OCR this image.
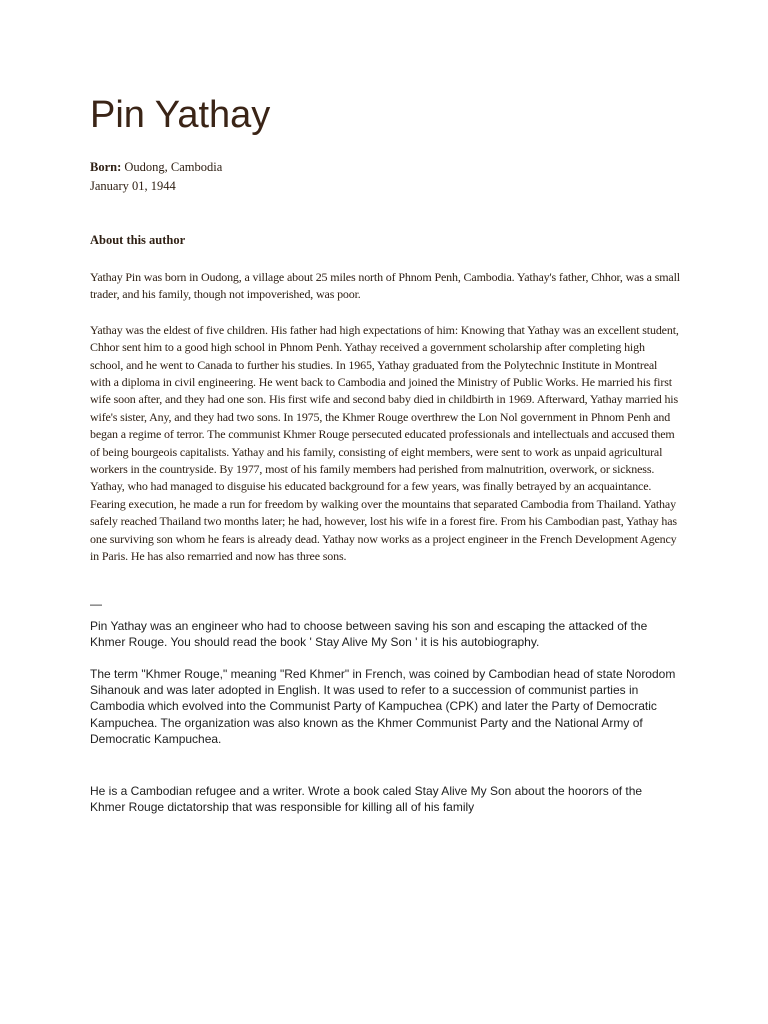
Pin Yathay
Born: Oudong, Cambodia
January 01, 1944
About this author

Yathay Pin was born in Oudong, a village about 25 miles north of Phnom Penh, Cambodia. Yathay's father, Chhor, was a small trader, and his family, though not impoverished, was poor.

Yathay was the eldest of five children. His father had high expectations of him: Knowing that Yathay was an excellent student, Chhor sent him to a good high school in Phnom Penh. Yathay received a government scholarship after completing high school, and he went to Canada to further his studies. In 1965, Yathay graduated from the Polytechnic Institute in Montreal with a diploma in civil engineering. He went back to Cambodia and joined the Ministry of Public Works. He married his first wife soon after, and they had one son. His first wife and second baby died in childbirth in 1969. Afterward, Yathay married his wife's sister, Any, and they had two sons. In 1975, the Khmer Rouge overthrew the Lon Nol government in Phnom Penh and began a regime of terror. The communist Khmer Rouge persecuted educated professionals and intellectuals and accused them of being bourgeois capitalists. Yathay and his family, consisting of eight members, were sent to work as unpaid agricultural workers in the countryside. By 1977, most of his family members had perished from malnutrition, overwork, or sickness. Yathay, who had managed to disguise his educated background for a few years, was finally betrayed by an acquaintance. Fearing execution, he made a run for freedom by walking over the mountains that separated Cambodia from Thailand. Yathay safely reached Thailand two months later; he had, however, lost his wife in a forest fire. From his Cambodian past, Yathay has one surviving son whom he fears is already dead. Yathay now works as a project engineer in the French Development Agency in Paris. He has also remarried and now has three sons.

—

Pin Yathay was an engineer who had to choose between saving his son and escaping the attacked of the Khmer Rouge. You should read the book ' Stay Alive My Son ' it is his autobiography.

The term "Khmer Rouge," meaning "Red Khmer" in French, was coined by Cambodian head of state Norodom Sihanouk and was later adopted in English. It was used to refer to a succession of communist parties in Cambodia which evolved into the Communist Party of Kampuchea (CPK) and later the Party of Democratic Kampuchea. The organization was also known as the Khmer Communist Party and the National Army of Democratic Kampuchea.

He is a Cambodian refugee and a writer. Wrote a book caled Stay Alive My Son about the hoorors of the Khmer Rouge dictatorship that was responsible for killing all of his family
